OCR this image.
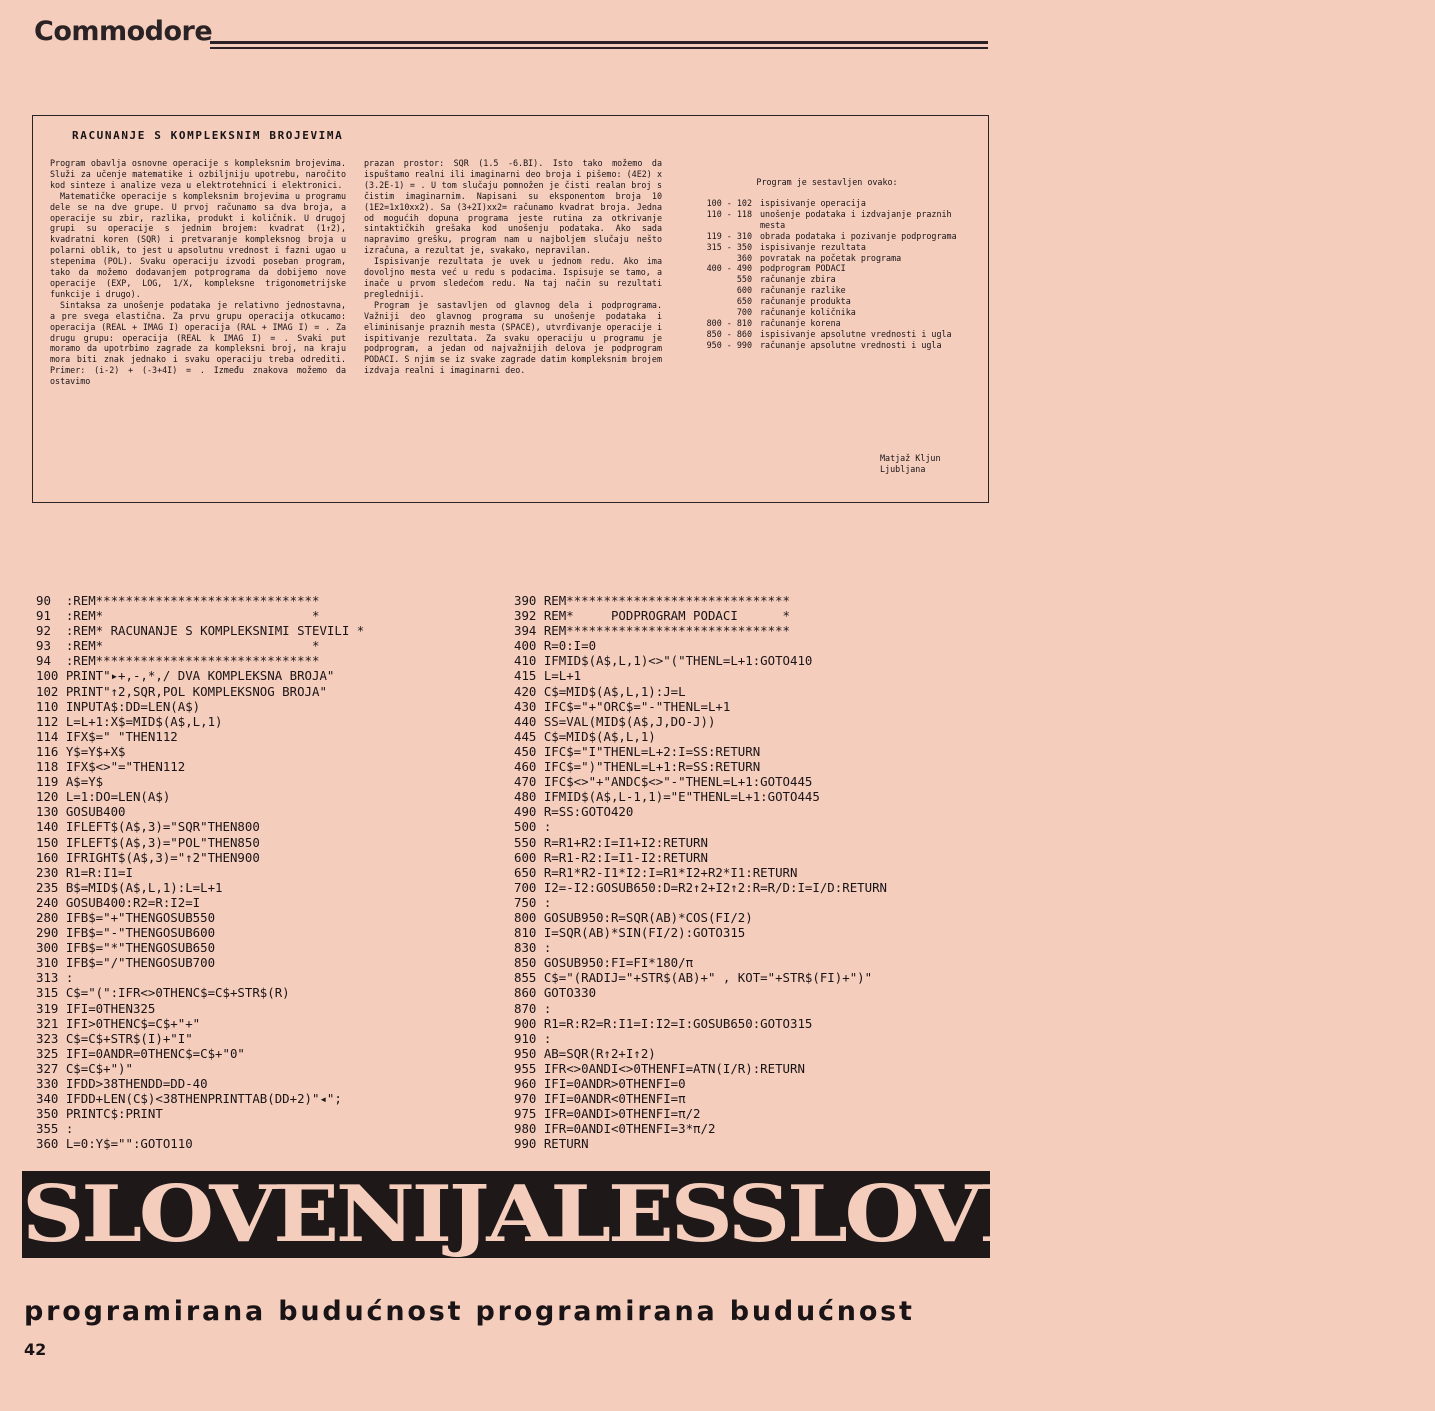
Commodore
RACUNANJE S KOMPLEKSNIM BROJEVIMA

Program obavlja osnovne operacije s kompleksnim brojevima. Služi za učenje matematike i ozbiljniju upotrebu, naročito kod sinteze i analize veza u elektrotehnici i elektronici.

Matematičke operacije s kompleksnim brojevima u programu dele se na dve grupe. U prvoj računamo sa dva broja, a operacije su zbir, razlika, produkt i količnik. U drugoj grupi su operacije s jednim brojem: kvadrat (1↑2), kvadratni koren (SQR) i pretvaranje kompleksnog broja u polarni oblik, to jest u apsolutnu vrednost i fazni ugao u stepenima (POL). Svaku operaciju izvodi poseban program, tako da možemo dodavanjem potprograma da dobijemo nove operacije (EXP, LOG, 1/X, kompleksne trigonometrijske funkcije i drugo).

Sintaksa za unošenje podataka je relativno jednostavna, a pre svega elastična. Za prvu grupu operacija otkucamo: operacija (REAL + IMAG I) operacija (RAL + IMAG I) = . Za drugu grupu: operacija (REAL k IMAG I) = . Svaki put moramo da upotrbimo zagrade za kompleksni broj, na kraju mora biti znak jednako i svaku operaciju treba odrediti. Primer: (i-2) + (-3+4I) = . Između znakova možemo da ostavimo

prazan prostor: SQR (1.5 -6.BI). Isto tako možemo da ispuštamo realni ili imaginarni deo broja i pišemo: (4E2) x (3.2E-1) = . U tom slučaju pomnožen je čisti realan broj s čistim imaginarnim. Napisani su eksponentom broja 10 (1E2=1x10xx2). Sa (3+2I)xx2= računamo kvadrat broja. Jedna od mogućih dopuna programa jeste rutina za otkrivanje sintaktičkih grešaka kod unošenju podataka. Ako sada napravimo grešku, program nam u najboljem slučaju nešto izračuna, a rezultat je, svakako, nepravilan.

Ispisivanje rezultata je uvek u jednom redu. Ako ima dovoljno mesta već u redu s podacima. Ispisuje se tamo, a inače u prvom slеdećom redu. Na taj način su rezultati pregledniji.

Program je sastavljen od glavnog dela i podprograma. Važniji deo glavnog programa su unošenje podataka i eliminisanje praznih mesta (SPACE), utvrđivanje operacije i ispitivanje rezultata. Za svaku operaciju u programu je podprogram, a jedan od najvažnijih delova je podprogram PODACI. S njim se iz svake zagrade datim kompleksnim brojem izdvaja realni i imaginarni deo.

Program je sestavljen ovako:
100 - 102 ispisivanje operacija
110 - 118 unošenje podataka i izdvajanje praznih mesta
119 - 310 obrada podataka i pozivanje podprograma
315 - 350 ispisivanje rezultata
360 povratak na početak programa
400 - 490 podprogram PODACI
550 računanje zbira
600 računanje razlike
650 računanje produkta
700 računanje količnika
800 - 810 računanje korena
850 - 860 ispisivanje apsolutne vrednosti i ugla
950 - 990 računanje apsolutne vrednosti i ugla
Matjaž Kljun
Ljubljana
90  :REM******************************
91  :REM*                            *
92  :REM* RACUNANJE S KOMPLEKSNIMI STEVILI *
93  :REM*                            *
94  :REM******************************
100 PRINT"▸+,-,*,/ DVA KOMPLEKSNA BROJA"
102 PRINT"↑2,SQR,POL KOMPLEKSNOG BROJA"
110 INPUTA$:DD=LEN(A$)
112 L=L+1:X$=MID$(A$,L,1)
114 IFX$=" "THEN112
116 Y$=Y$+X$
118 IFX$<>"="THEN112
119 A$=Y$
120 L=1:DO=LEN(A$)
130 GOSUB400
140 IFLEFT$(A$,3)="SQR"THEN800
150 IFLEFT$(A$,3)="POL"THEN850
160 IFRIGHT$(A$,3)="↑2"THEN900
230 R1=R:I1=I
235 B$=MID$(A$,L,1):L=L+1
240 GOSUB400:R2=R:I2=I
280 IFB$="+"THENGOSUB550
290 IFB$="-"THENGOSUB600
300 IFB$="*"THENGOSUB650
310 IFB$="/"THENGOSUB700
313 :
315 C$="(":IFR<>0THENC$=C$+STR$(R)
319 IFI=0THEN325
321 IFI>0THENC$=C$+"+"
323 C$=C$+STR$(I)+"I"
325 IFI=0ANDR=0THENC$=C$+"0"
327 C$=C$+")"
330 IFDD>38THENDD=DD-40
340 IFDD+LEN(C$)<38THENPRINTTAB(DD+2)"◂";
350 PRINTC$:PRINT
355 :
360 L=0:Y$="":GOTO110
390 REM******************************
392 REM*     PODPROGRAM PODACI      *
394 REM******************************
400 R=0:I=0
410 IFMID$(A$,L,1)<>"("THENL=L+1:GOTO410
415 L=L+1
420 C$=MID$(A$,L,1):J=L
430 IFC$="+"ORC$="-"THENL=L+1
440 SS=VAL(MID$(A$,J,DO-J))
445 C$=MID$(A$,L,1)
450 IFC$="I"THENL=L+2:I=SS:RETURN
460 IFC$=")"THENL=L+1:R=SS:RETURN
470 IFC$<>"+"ANDC$<>"-"THENL=L+1:GOTO445
480 IFMID$(A$,L-1,1)="E"THENL=L+1:GOTO445
490 R=SS:GOTO420
500 :
550 R=R1+R2:I=I1+I2:RETURN
600 R=R1-R2:I=I1-I2:RETURN
650 R=R1*R2-I1*I2:I=R1*I2+R2*I1:RETURN
700 I2=-I2:GOSUB650:D=R2↑2+I2↑2:R=R/D:I=I/D:RETURN
750 :
800 GOSUB950:R=SQR(AB)*COS(FI/2)
810 I=SQR(AB)*SIN(FI/2):GOTO315
830 :
850 GOSUB950:FI=FI*180/π
855 C$="(RADIJ="+STR$(AB)+" , KOT="+STR$(FI)+")"
860 GOTO330
870 :
900 R1=R:R2=R:I1=I:I2=I:GOSUB650:GOTO315
910 :
950 AB=SQR(R↑2+I↑2)
955 IFR<>0ANDI<>0THENFI=ATN(I/R):RETURN
960 IFI=0ANDR>0THENFI=0
970 IFI=0ANDR<0THENFI=π
975 IFR=0ANDI>0THENFI=π/2
980 IFR=0ANDI<0THENFI=3*π/2
990 RETURN
SLOVENIJALESSLOVENIJALES
programirana budućnost programirana budućnost
42
